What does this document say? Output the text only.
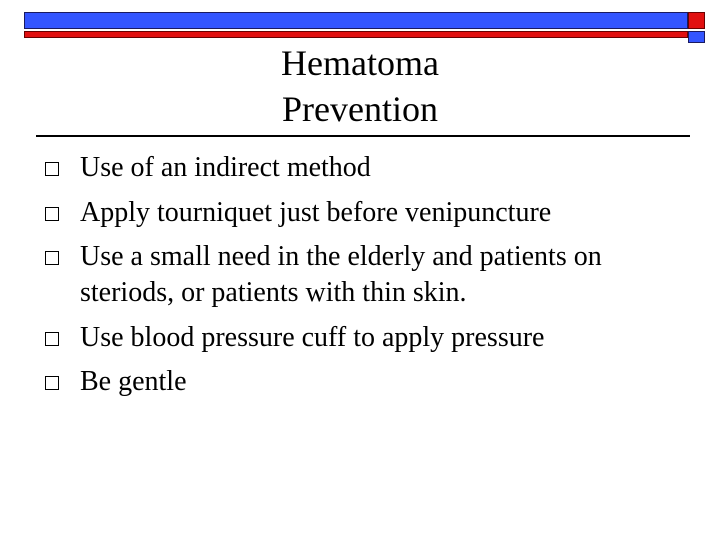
Hematoma
Prevention
Use of an indirect method
Apply tourniquet just before venipuncture
Use a small need in the elderly and patients on steriods, or patients with thin skin.
Use blood pressure cuff to apply pressure
Be gentle
